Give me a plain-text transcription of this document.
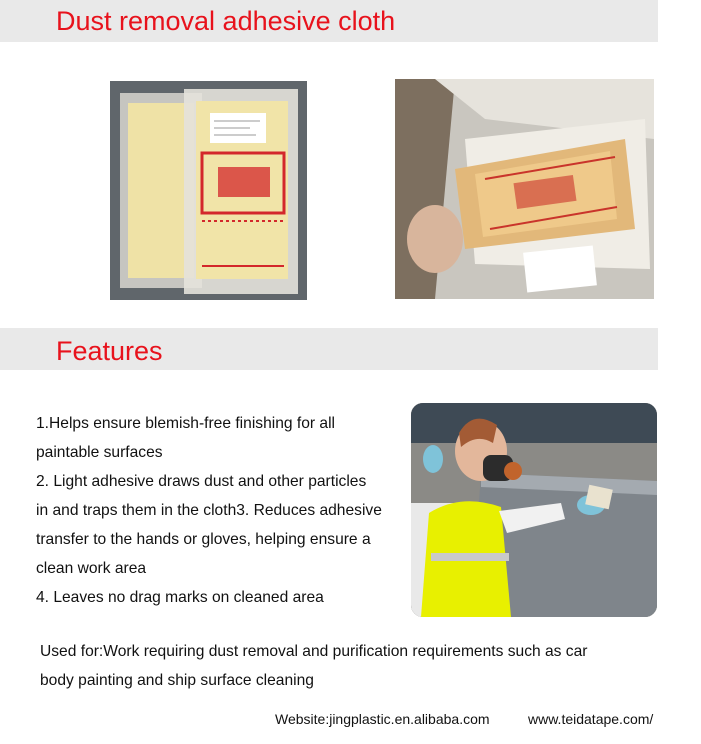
Dust removal adhesive cloth
Features

1.Helps ensure blemish-free finishing for all

paintable surfaces

2. Light adhesive draws dust and other particles

in and traps them in the cloth3. Reduces adhesive

transfer to the hands or gloves, helping ensure a

clean work area

4. Leaves no drag marks on cleaned area

Used for:Work requiring dust removal and purification requirements such as car
body painting and ship surface cleaning
Website:jingplastic.en.alibaba.com	www.teidatape.com/
